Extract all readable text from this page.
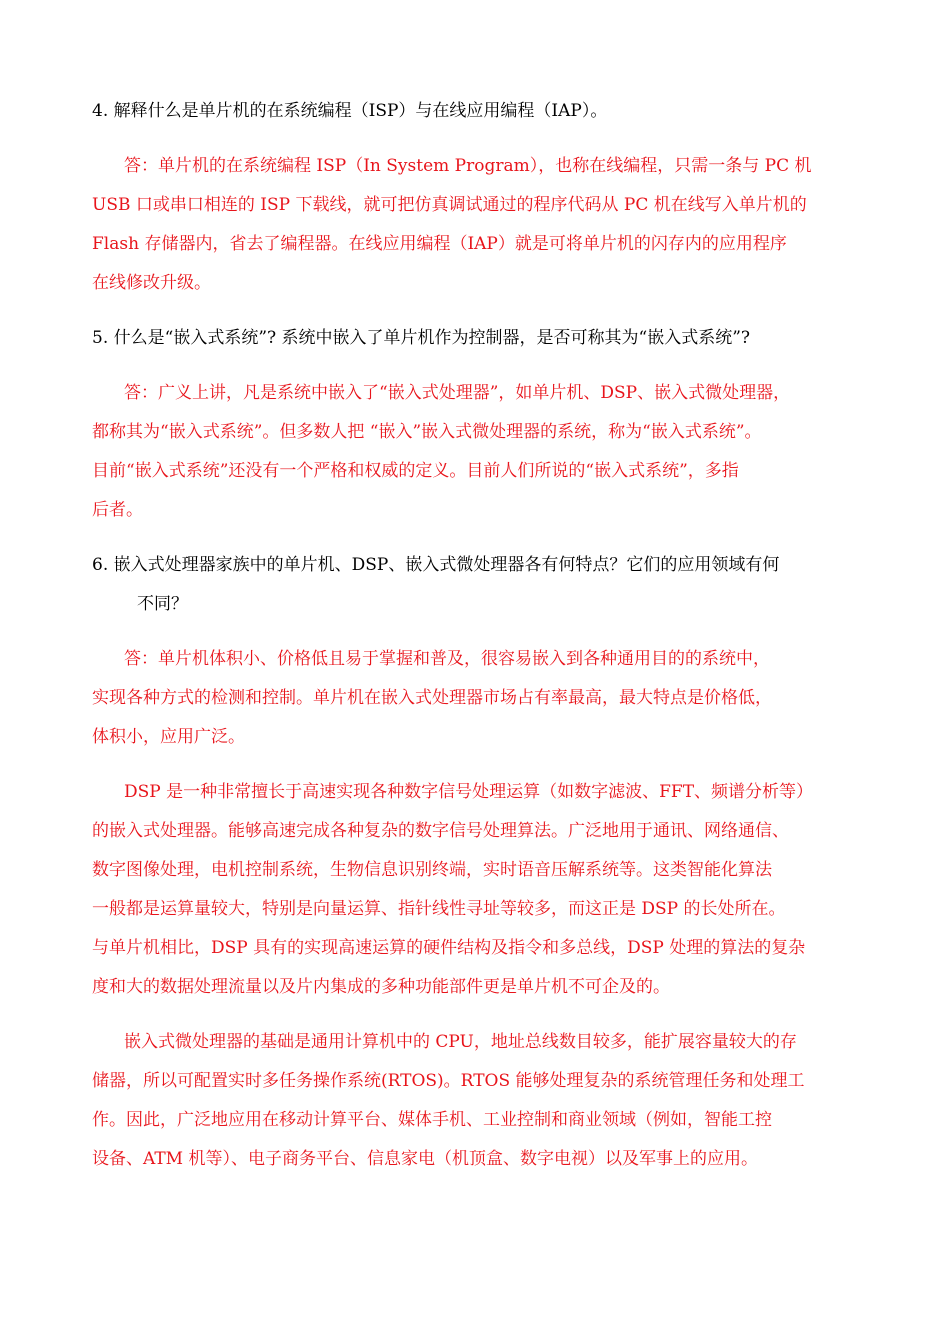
4. 解释什么是单片机的在系统编程（ISP）与在线应用编程（IAP）。
答：单片机的在系统编程 ISP（In System Program），也称在线编程，只需一条与 PC 机
USB 口或串口相连的 ISP 下载线，就可把仿真调试通过的程序代码从 PC 机在线写入单片机的
Flash 存储器内，省去了编程器。在线应用编程（IAP）就是可将单片机的闪存内的应用程序
在线修改升级。
5. 什么是“嵌入式系统”? 系统中嵌入了单片机作为控制器，是否可称其为“嵌入式系统”?
答：广义上讲，凡是系统中嵌入了“嵌入式处理器”，如单片机、DSP、嵌入式微处理器，
都称其为“嵌入式系统”。但多数人把 “嵌入”嵌入式微处理器的系统，称为“嵌入式系统”。
目前“嵌入式系统”还没有一个严格和权威的定义。目前人们所说的“嵌入式系统”，多指
后者。
6. 嵌入式处理器家族中的单片机、DSP、嵌入式微处理器各有何特点？它们的应用领域有何
不同？
答：单片机体积小、价格低且易于掌握和普及，很容易嵌入到各种通用目的的系统中，
实现各种方式的检测和控制。单片机在嵌入式处理器市场占有率最高，最大特点是价格低，
体积小，应用广泛。
DSP 是一种非常擅长于高速实现各种数字信号处理运算（如数字滤波、FFT、频谱分析等）
的嵌入式处理器。能够高速完成各种复杂的数字信号处理算法。广泛地用于通讯、网络通信、
数字图像处理，电机控制系统，生物信息识别终端，实时语音压解系统等。这类智能化算法
一般都是运算量较大，特别是向量运算、指针线性寻址等较多，而这正是 DSP 的长处所在。
与单片机相比，DSP 具有的实现高速运算的硬件结构及指令和多总线，DSP 处理的算法的复杂
度和大的数据处理流量以及片内集成的多种功能部件更是单片机不可企及的。
嵌入式微处理器的基础是通用计算机中的 CPU，地址总线数目较多，能扩展容量较大的存
储器，所以可配置实时多任务操作系统(RTOS)。RTOS 能够处理复杂的系统管理任务和处理工
作。因此，广泛地应用在移动计算平台、媒体手机、工业控制和商业领域（例如，智能工控
设备、ATM 机等）、电子商务平台、信息家电（机顶盒、数字电视）以及军事上的应用。
